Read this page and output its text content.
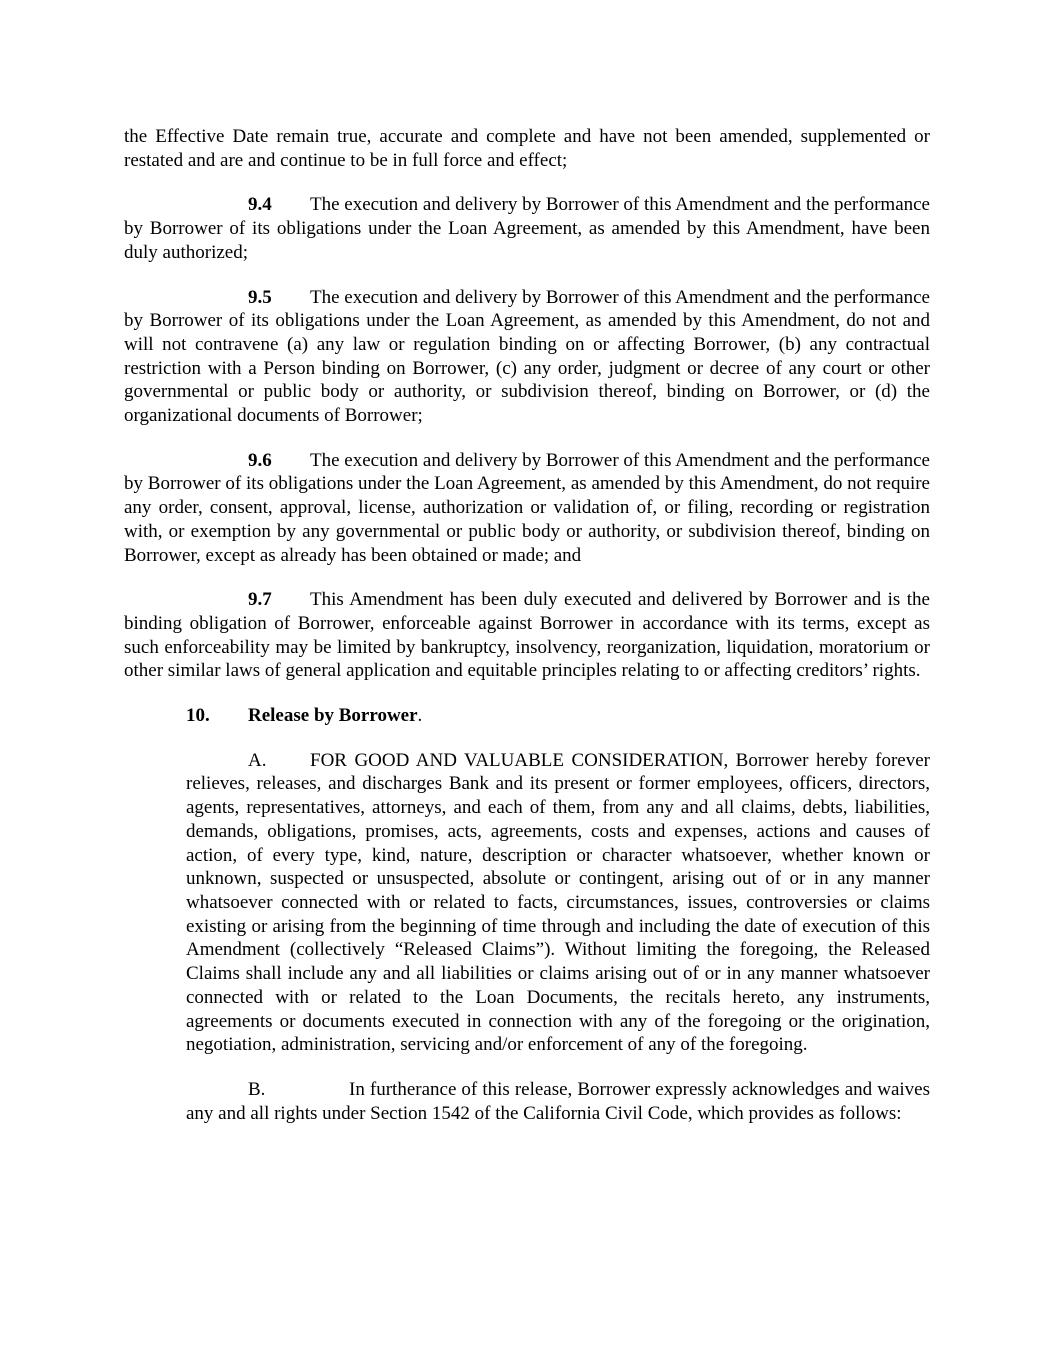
the Effective Date remain true, accurate and complete and have not been amended, supplemented or restated and are and continue to be in full force and effect;

9.4 The execution and delivery by Borrower of this Amendment and the performance by Borrower of its obligations under the Loan Agreement, as amended by this Amendment, have been duly authorized;

9.5 The execution and delivery by Borrower of this Amendment and the performance by Borrower of its obligations under the Loan Agreement, as amended by this Amendment, do not and will not contravene (a) any law or regulation binding on or affecting Borrower, (b) any contractual restriction with a Person binding on Borrower, (c) any order, judgment or decree of any court or other governmental or public body or authority, or subdivision thereof, binding on Borrower, or (d) the organizational documents of Borrower;

9.6 The execution and delivery by Borrower of this Amendment and the performance by Borrower of its obligations under the Loan Agreement, as amended by this Amendment, do not require any order, consent, approval, license, authorization or validation of, or filing, recording or registration with, or exemption by any governmental or public body or authority, or subdivision thereof, binding on Borrower, except as already has been obtained or made; and

9.7 This Amendment has been duly executed and delivered by Borrower and is the binding obligation of Borrower, enforceable against Borrower in accordance with its terms, except as such enforceability may be limited by bankruptcy, insolvency, reorganization, liquidation, moratorium or other similar laws of general application and equitable principles relating to or affecting creditors’ rights.

10. Release by Borrower.

A. FOR GOOD AND VALUABLE CONSIDERATION, Borrower hereby forever relieves, releases, and discharges Bank and its present or former employees, officers, directors, agents, representatives, attorneys, and each of them, from any and all claims, debts, liabilities, demands, obligations, promises, acts, agreements, costs and expenses, actions and causes of action, of every type, kind, nature, description or character whatsoever, whether known or unknown, suspected or unsuspected, absolute or contingent, arising out of or in any manner whatsoever connected with or related to facts, circumstances, issues, controversies or claims existing or arising from the beginning of time through and including the date of execution of this Amendment (collectively “Released Claims”). Without limiting the foregoing, the Released Claims shall include any and all liabilities or claims arising out of or in any manner whatsoever connected with or related to the Loan Documents, the recitals hereto, any instruments, agreements or documents executed in connection with any of the foregoing or the origination, negotiation, administration, servicing and/or enforcement of any of the foregoing.

B.	In furtherance of this release, Borrower expressly acknowledges and waives any and all rights under Section 1542 of the California Civil Code, which provides as follows:
